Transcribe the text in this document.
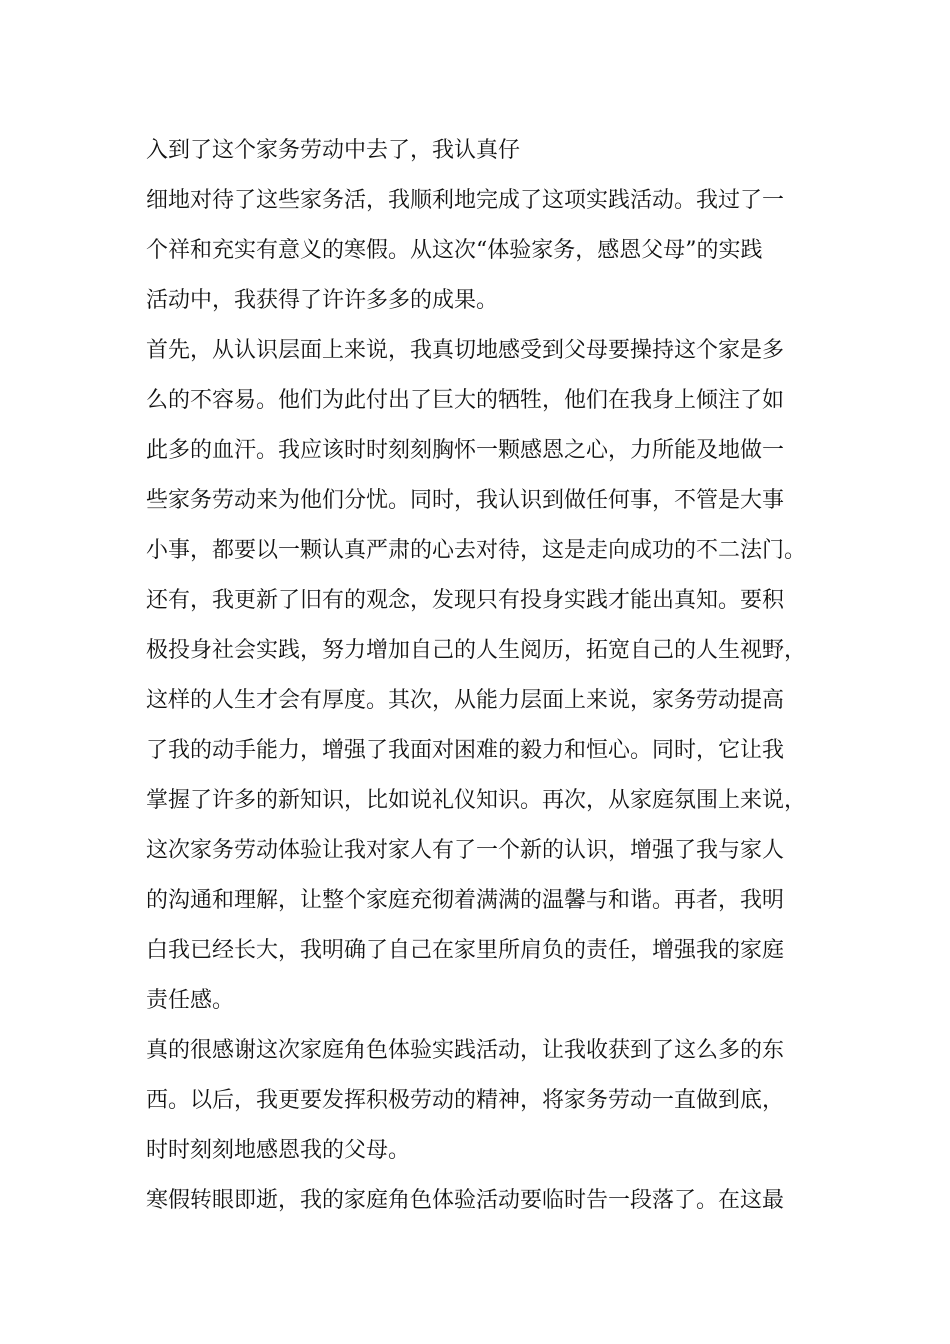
入到了这个家务劳动中去了，我认真仔
细地对待了这些家务活，我顺利地完成了这项实践活动。我过了一
个祥和充实有意义的寒假。从这次“体验家务，感恩父母”的实践
活动中，我获得了许许多多的成果。
首先，从认识层面上来说，我真切地感受到父母要操持这个家是多
么的不容易。他们为此付出了巨大的牺牲，他们在我身上倾注了如
此多的血汗。我应该时时刻刻胸怀一颗感恩之心，力所能及地做一
些家务劳动来为他们分忧。同时，我认识到做任何事，不管是大事
小事，都要以一颗认真严肃的心去对待，这是走向成功的不二法门。
还有，我更新了旧有的观念，发现只有投身实践才能出真知。要积
极投身社会实践，努力增加自己的人生阅历，拓宽自己的人生视野，
这样的人生才会有厚度。其次，从能力层面上来说，家务劳动提高
了我的动手能力，增强了我面对困难的毅力和恒心。同时，它让我
掌握了许多的新知识，比如说礼仪知识。再次，从家庭氛围上来说，
这次家务劳动体验让我对家人有了一个新的认识，增强了我与家人
的沟通和理解，让整个家庭充彻着满满的温馨与和谐。再者，我明
白我已经长大，我明确了自己在家里所肩负的责任，增强我的家庭
责任感。
真的很感谢这次家庭角色体验实践活动，让我收获到了这么多的东
西。以后，我更要发挥积极劳动的精神，将家务劳动一直做到底，
时时刻刻地感恩我的父母。
寒假转眼即逝，我的家庭角色体验活动要临时告一段落了。在这最
